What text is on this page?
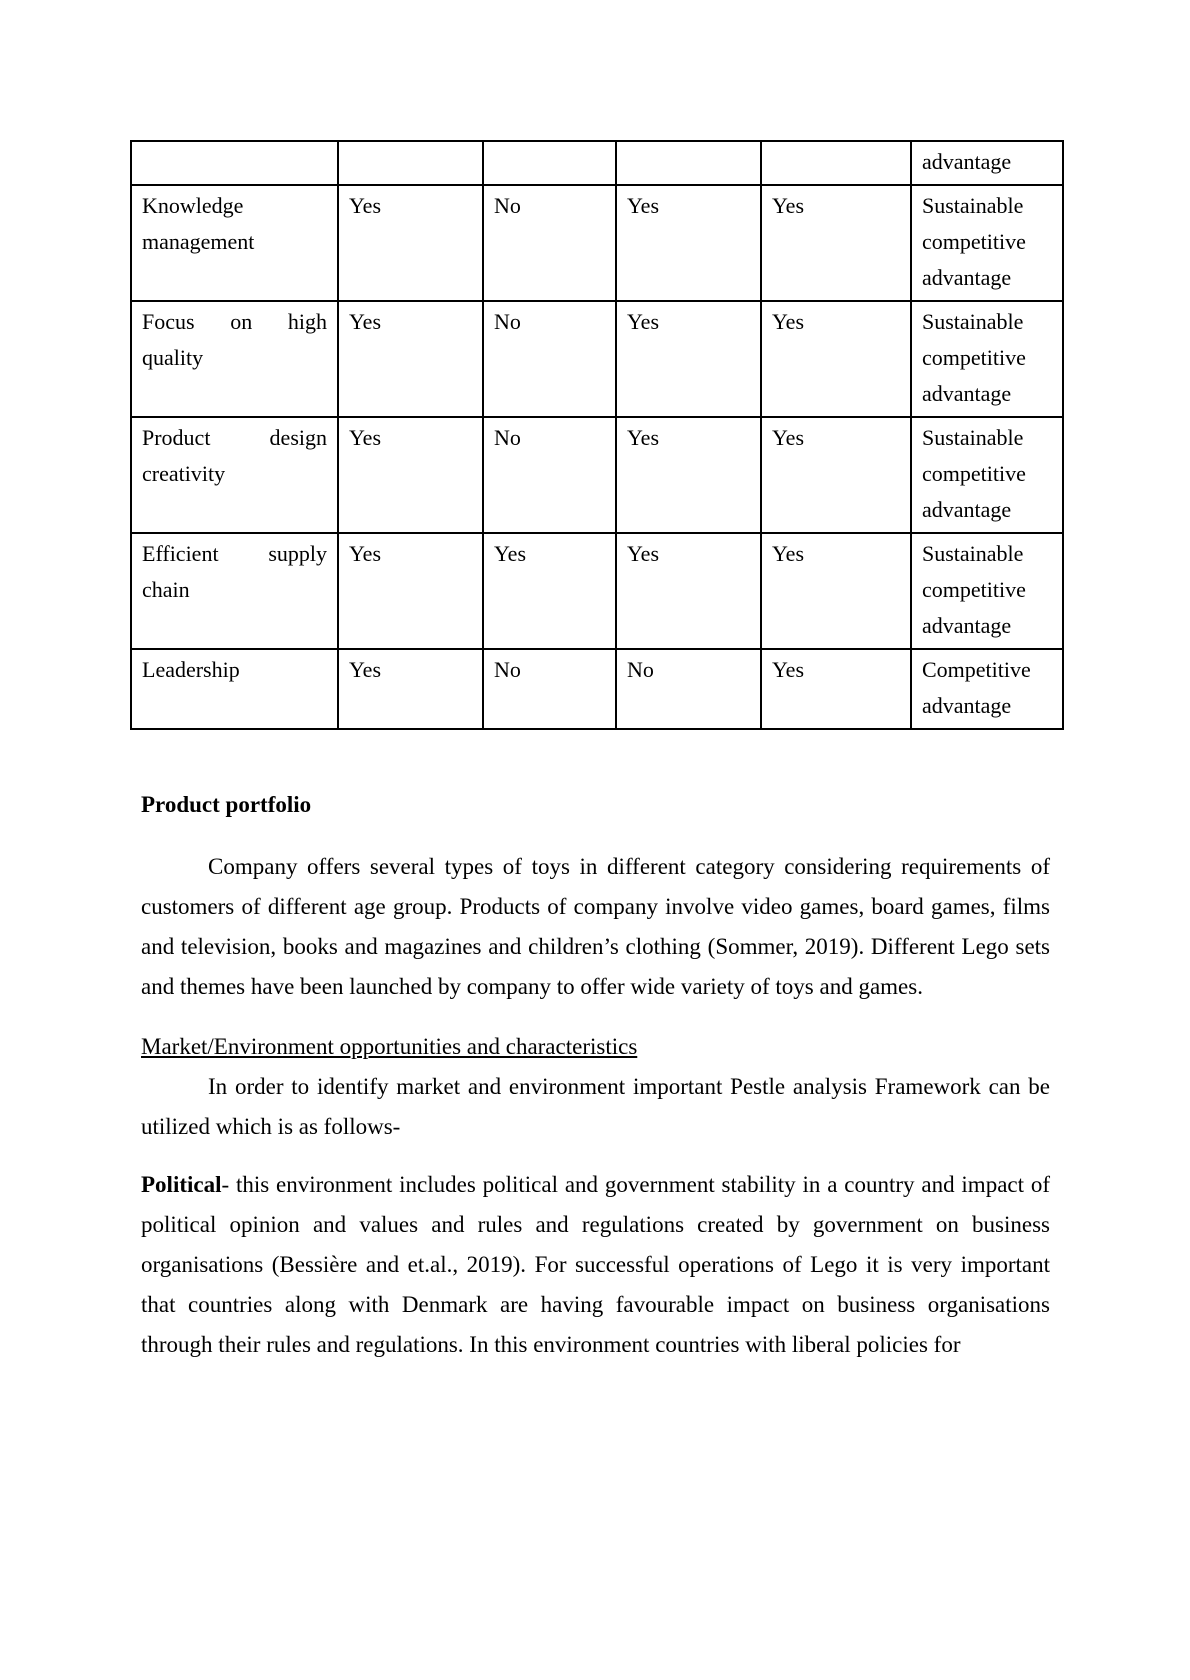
					advantage
Knowledge management	Yes	No	Yes	Yes	Sustainable competitive advantage
Focus on high quality	Yes	No	Yes	Yes	Sustainable competitive advantage
Product design creativity	Yes	No	Yes	Yes	Sustainable competitive advantage
Efficient supply chain	Yes	Yes	Yes	Yes	Sustainable competitive advantage
Leadership	Yes	No	No	Yes	Competitive advantage
Product portfolio

Company offers several types of toys in different category considering requirements of customers of different age group. Products of company involve video games, board games, films and television, books and magazines and children’s clothing (Sommer, 2019). Different Lego sets and themes have been launched by company to offer wide variety of toys and games.

Market/Environment opportunities and characteristics

In order to identify market and environment important Pestle analysis Framework can be utilized which is as follows-

Political- this environment includes political and government stability in a country and impact of political opinion and values and rules and regulations created by government on business organisations (Bessière and et.al., 2019). For successful operations of Lego it is very important that countries along with Denmark are having favourable impact on business organisations through their rules and regulations. In this environment countries with liberal policies for
